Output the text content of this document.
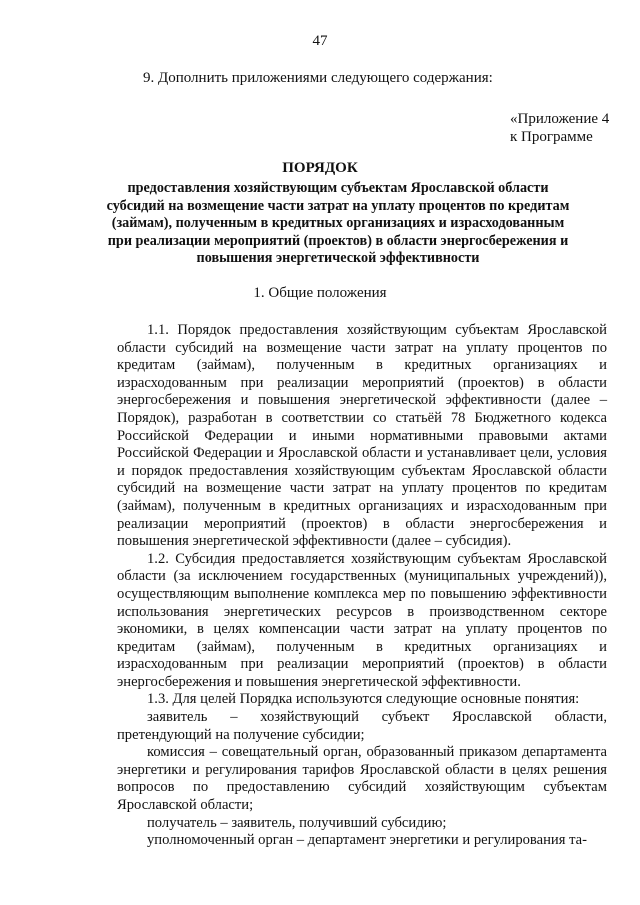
47
9. Дополнить приложениями следующего содержания:
«Приложение 4
к Программе
ПОРЯДОК
предоставления хозяйствующим субъектам Ярославской области субсидий на возмещение части затрат на уплату процентов по кредитам (займам), полученным в кредитных организациях и израсходованным при реализации мероприятий (проектов) в области энергосбережения и повышения энергетической эффективности
1. Общие положения

1.1. Порядок предоставления хозяйствующим субъектам Ярославской области субсидий на возмещение части затрат на уплату процентов по кредитам (займам), полученным в кредитных организациях и израсходованным при реализации мероприятий (проектов) в области энергосбережения и повышения энергетической эффективности (далее – Порядок), разработан в соответствии со статьёй 78 Бюджетного кодекса Российской Федерации и иными нормативными правовыми актами Российской Федерации и Ярославской области и устанавливает цели, условия и порядок предоставления хозяйствующим субъектам Ярославской области субсидий на возмещение части затрат на уплату процентов по кредитам (займам), полученным в кредитных организациях и израсходованным при реализации мероприятий (проектов) в области энергосбережения и повышения энергетической эффективности (далее – субсидия).

1.2. Субсидия предоставляется хозяйствующим субъектам Ярославской области (за исключением государственных (муниципальных учреждений)), осуществляющим выполнение комплекса мер по повышению эффективности использования энергетических ресурсов в производственном секторе экономики, в целях компенсации части затрат на уплату процентов по кредитам (займам), полученным в кредитных организациях и израсходованным при реализации мероприятий (проектов) в области энергосбережения и повышения энергетической эффективности.

1.3. Для целей Порядка используются следующие основные понятия:

заявитель – хозяйствующий субъект Ярославской области, претендующий на получение субсидии;

комиссия – совещательный орган, образованный приказом департамента энергетики и регулирования тарифов Ярославской области в целях решения вопросов по предоставлению субсидий хозяйствующим субъектам Ярославской области;

получатель – заявитель, получивший субсидию;

уполномоченный орган – департамент энергетики и регулирования та-
